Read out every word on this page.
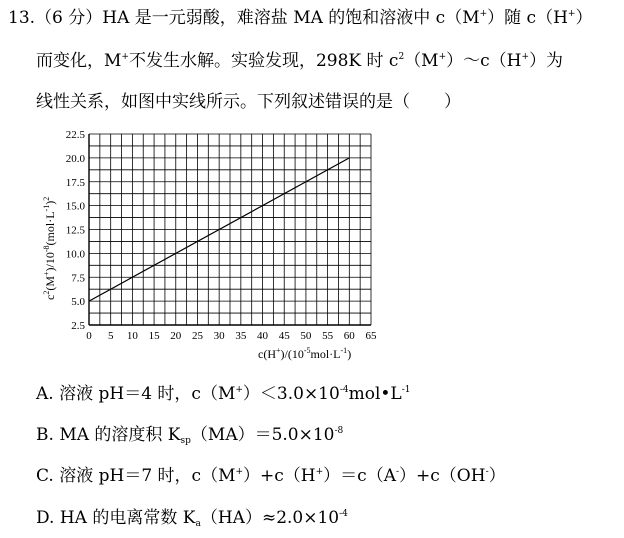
13.（6 分）HA 是一元弱酸，难溶盐 MA 的饱和溶液中 c（M+）随 c（H+）
而变化，M+不发生水解。实验发现，298K 时 $c^2(M^+)\sim c(H^+)$为
线性关系，如图中实线所示。下列叙述错误的是（　　）
0 5 10 15 20 25 30 35 40 45 50 55 60 65
2.5
5.0
7.5
10.0
12.5
15.0
17.5
20.0
22.5
$c(H^+)/(10^{-5}mol\cdot L^{-1})$
$c^2(M^+)/10^{-8}(mol\cdot L^{-1})^2$
A. 溶液 pH＝4 时，$c(M^+)<3.0\times 10^{-4}mol•L^{-1}$
B. MA 的溶度积 $K_{sp}(MA)=5.0\times 10^{-8}$
C. 溶液 pH＝7 时，c（M+）+c（H+）＝c（A-）+c（OH-）
D. HA 的电离常数 $K_a(HA)\approx 2.0\times 10^{-4}$
